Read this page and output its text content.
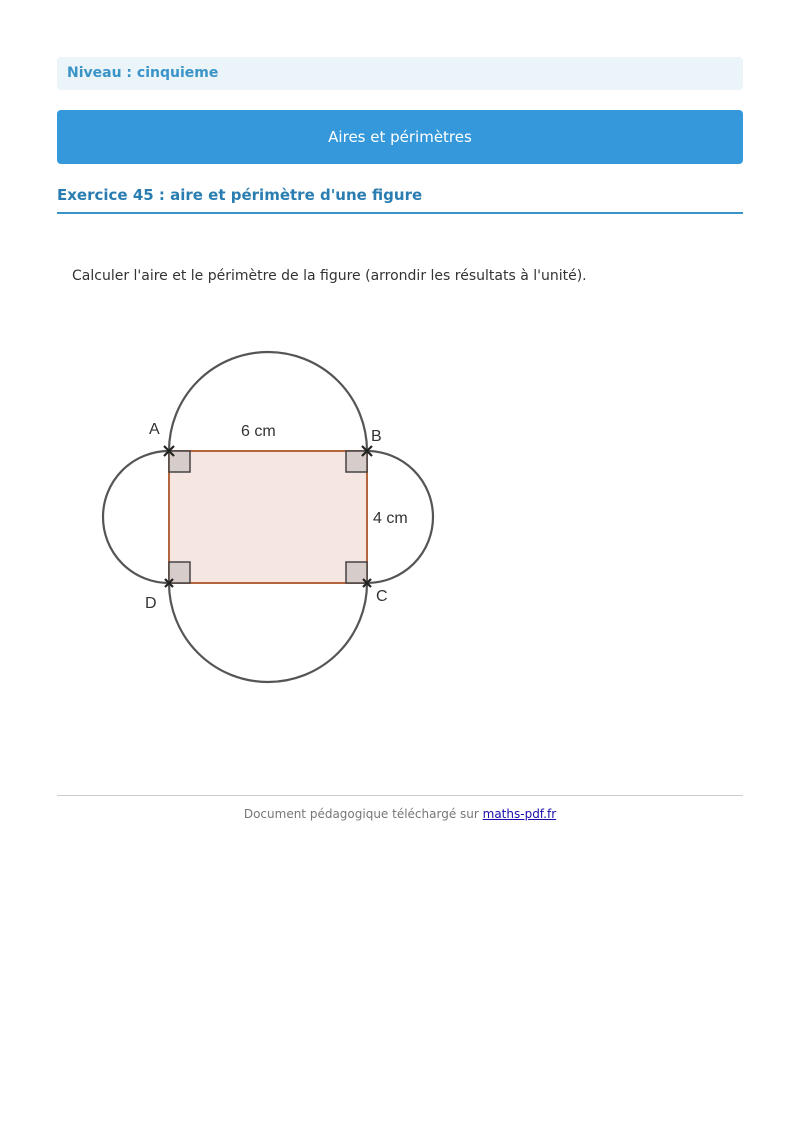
Niveau : cinquieme
Aires et périmètres
Exercice 45 : aire et périmètre d'une figure
Calculer l'aire et le périmètre de la figure (arrondir les résultats à l'unité).
A	B
C
D
6 cm
4 cm
Document pédagogique téléchargé sur maths-pdf.fr
